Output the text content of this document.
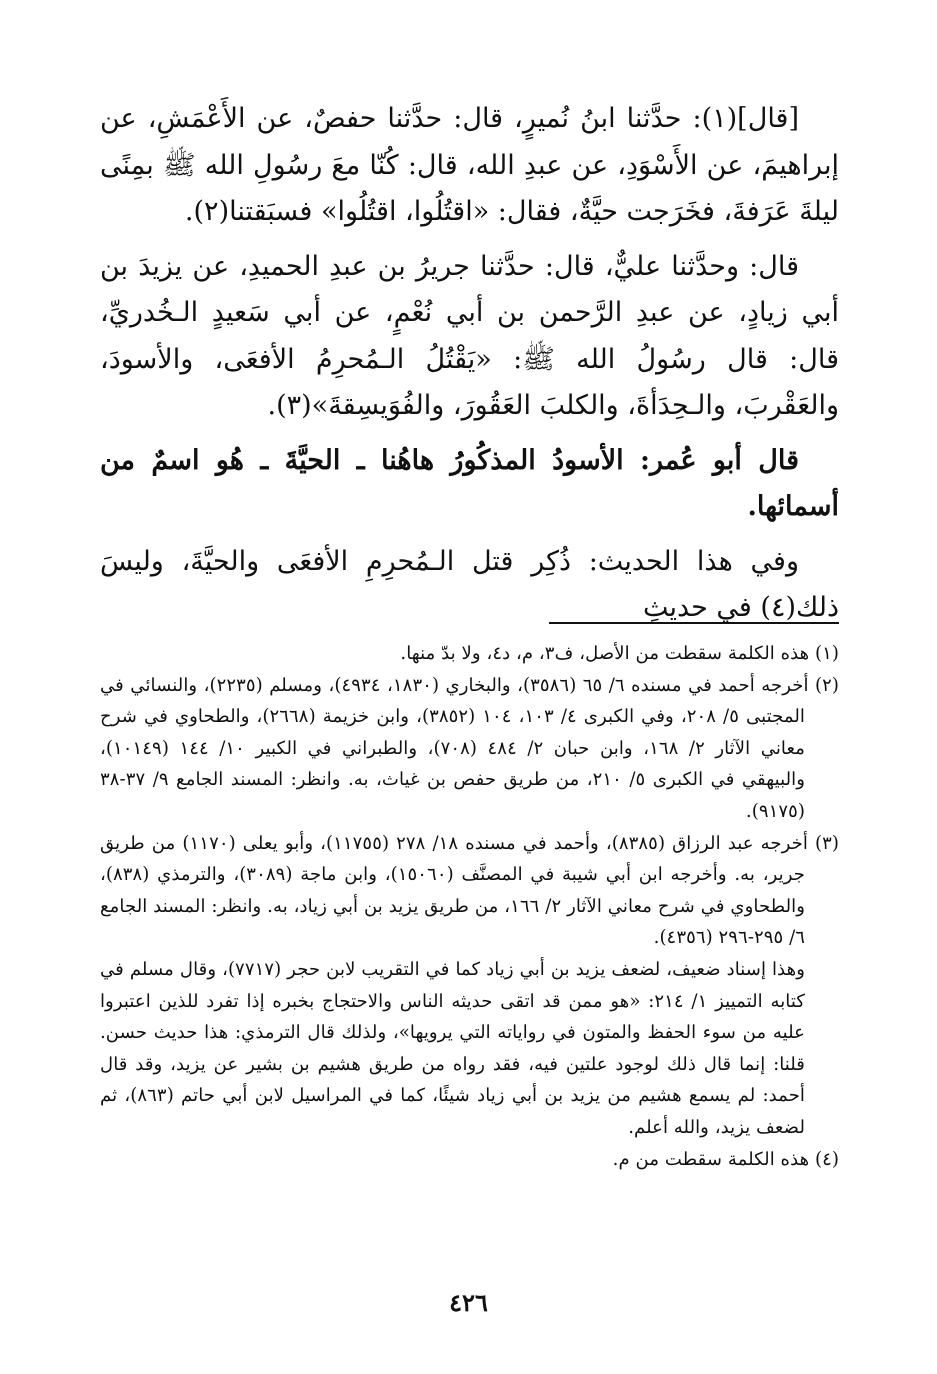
[قال](١): حدَّثنا ابنُ نُميرٍ، قال: حدَّثنا حفصٌ، عن الأَعْمَشِ، عن إبراهيمَ، عن الأَسْوَدِ، عن عبدِ الله، قال: كُنّا معَ رسُولِ الله ﷺ بمِنًى ليلةَ عَرَفةَ، فخَرَجت حيَّةٌ، فقال: «اقتُلُوا، اقتُلُوا» فسبَقتنا(٢).

قال: وحدَّثنا عليٌّ، قال: حدَّثنا جريرُ بن عبدِ الحميدِ، عن يزيدَ بن أبي زيادٍ، عن عبدِ الرَّحمن بن أبي نُعْمٍ، عن أبي سَعيدٍ الـخُدريِّ، قال: قال رسُولُ الله ﷺ: «يَقْتُلُ الـمُحرِمُ الأفعَى، والأسودَ، والعَقْربَ، والـحِدَأةَ، والكلبَ العَقُورَ، والفُوَيسِقةَ»(٣).

قال أبو عُمر: الأسودُ المذكُورُ هاهُنا ـ الحيَّةَ ـ هُو اسمٌ من أسمائها.

وفي هذا الحديث: ذُكِر قتل الـمُحرِمِ الأفعَى والحيَّةَ، وليسَ ذلك(٤) في حديثِ

(١) هذه الكلمة سقطت من الأصل، ف٣، م، د٤، ولا بدّ منها.

(٢) أخرجه أحمد في مسنده ٦/ ٦٥ (٣٥٨٦)، والبخاري (١٨٣٠، ٤٩٣٤)، ومسلم (٢٢٣٥)، والنسائي في المجتبى ٥/ ٢٠٨، وفي الكبرى ٤/ ١٠٣، ١٠٤ (٣٨٥٢)، وابن خزيمة (٢٦٦٨)، والطحاوي في شرح معاني الآثار ٢/ ١٦٨، وابن حبان ٢/ ٤٨٤ (٧٠٨)، والطبراني في الكبير ١٠/ ١٤٤ (١٠١٤٩)، والبيهقي في الكبرى ٥/ ٢١٠، من طريق حفص بن غياث، به. وانظر: المسند الجامع ٩/ ٣٧-٣٨ (٩١٧٥).

(٣) أخرجه عبد الرزاق (٨٣٨٥)، وأحمد في مسنده ١٨/ ٢٧٨ (١١٧٥٥)، وأبو يعلى (١١٧٠) من طريق جرير، به. وأخرجه ابن أبي شيبة في المصنَّف (١٥٠٦٠)، وابن ماجة (٣٠٨٩)، والترمذي (٨٣٨)، والطحاوي في شرح معاني الآثار ٢/ ١٦٦، من طريق يزيد بن أبي زياد، به. وانظر: المسند الجامع ٦/ ٢٩٥-٢٩٦ (٤٣٥٦).

وهذا إسناد ضعيف، لضعف يزيد بن أبي زياد كما في التقريب لابن حجر (٧٧١٧)، وقال مسلم في كتابه التمييز ١/ ٢١٤: «هو ممن قد اتقى حديثه الناس والاحتجاج بخبره إذا تفرد للذين اعتبروا عليه من سوء الحفظ والمتون في رواياته التي يرويها»، ولذلك قال الترمذي: هذا حديث حسن. قلنا: إنما قال ذلك لوجود علتين فيه، فقد رواه من طريق هشيم بن بشير عن يزيد، وقد قال أحمد: لم يسمع هشيم من يزيد بن أبي زياد شيئًا، كما في المراسيل لابن أبي حاتم (٨٦٣)، ثم لضعف يزيد، والله أعلم.

(٤) هذه الكلمة سقطت من م.

٤٢٦
